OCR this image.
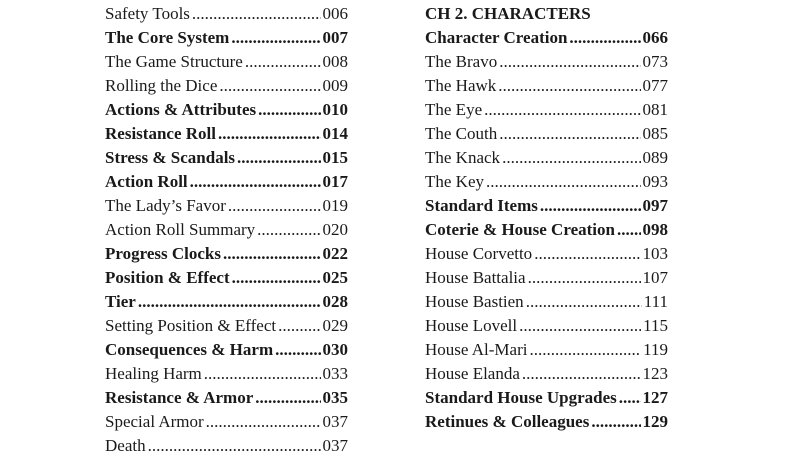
Safety Tools .....	006
The Core System .....	007
The Game Structure .....	008
Rolling the Dice .....	009
Actions & Attributes .....	010
Resistance Roll .....	014
Stress & Scandals .....	015
Action Roll .....	017
The Lady’s Favor .....	019
Action Roll Summary .....	020
Progress Clocks .....	022
Position & Effect .....	025
Tier .....	028
Setting Position & Effect .....	029
Consequences & Harm .....	030
Healing Harm .....	033
Resistance & Armor .....	035
Special Armor .....	037
Death .....	037
CH 2. CHARACTERS
Character Creation .....	066
The Bravo .....	073
The Hawk .....	077
The Eye .....	081
The Couth .....	085
The Knack .....	089
The Key .....	093
Standard Items .....	097
Coterie & House Creation ..... 098
House Corvetto .....	103
House Battalia .....	107
House Bastien .....	111
House Lovell .....	115
House Al-Mari .....	119
House Elanda .....	123
Standard House Upgrades ..... 127
Retinues & Colleagues .....	129
